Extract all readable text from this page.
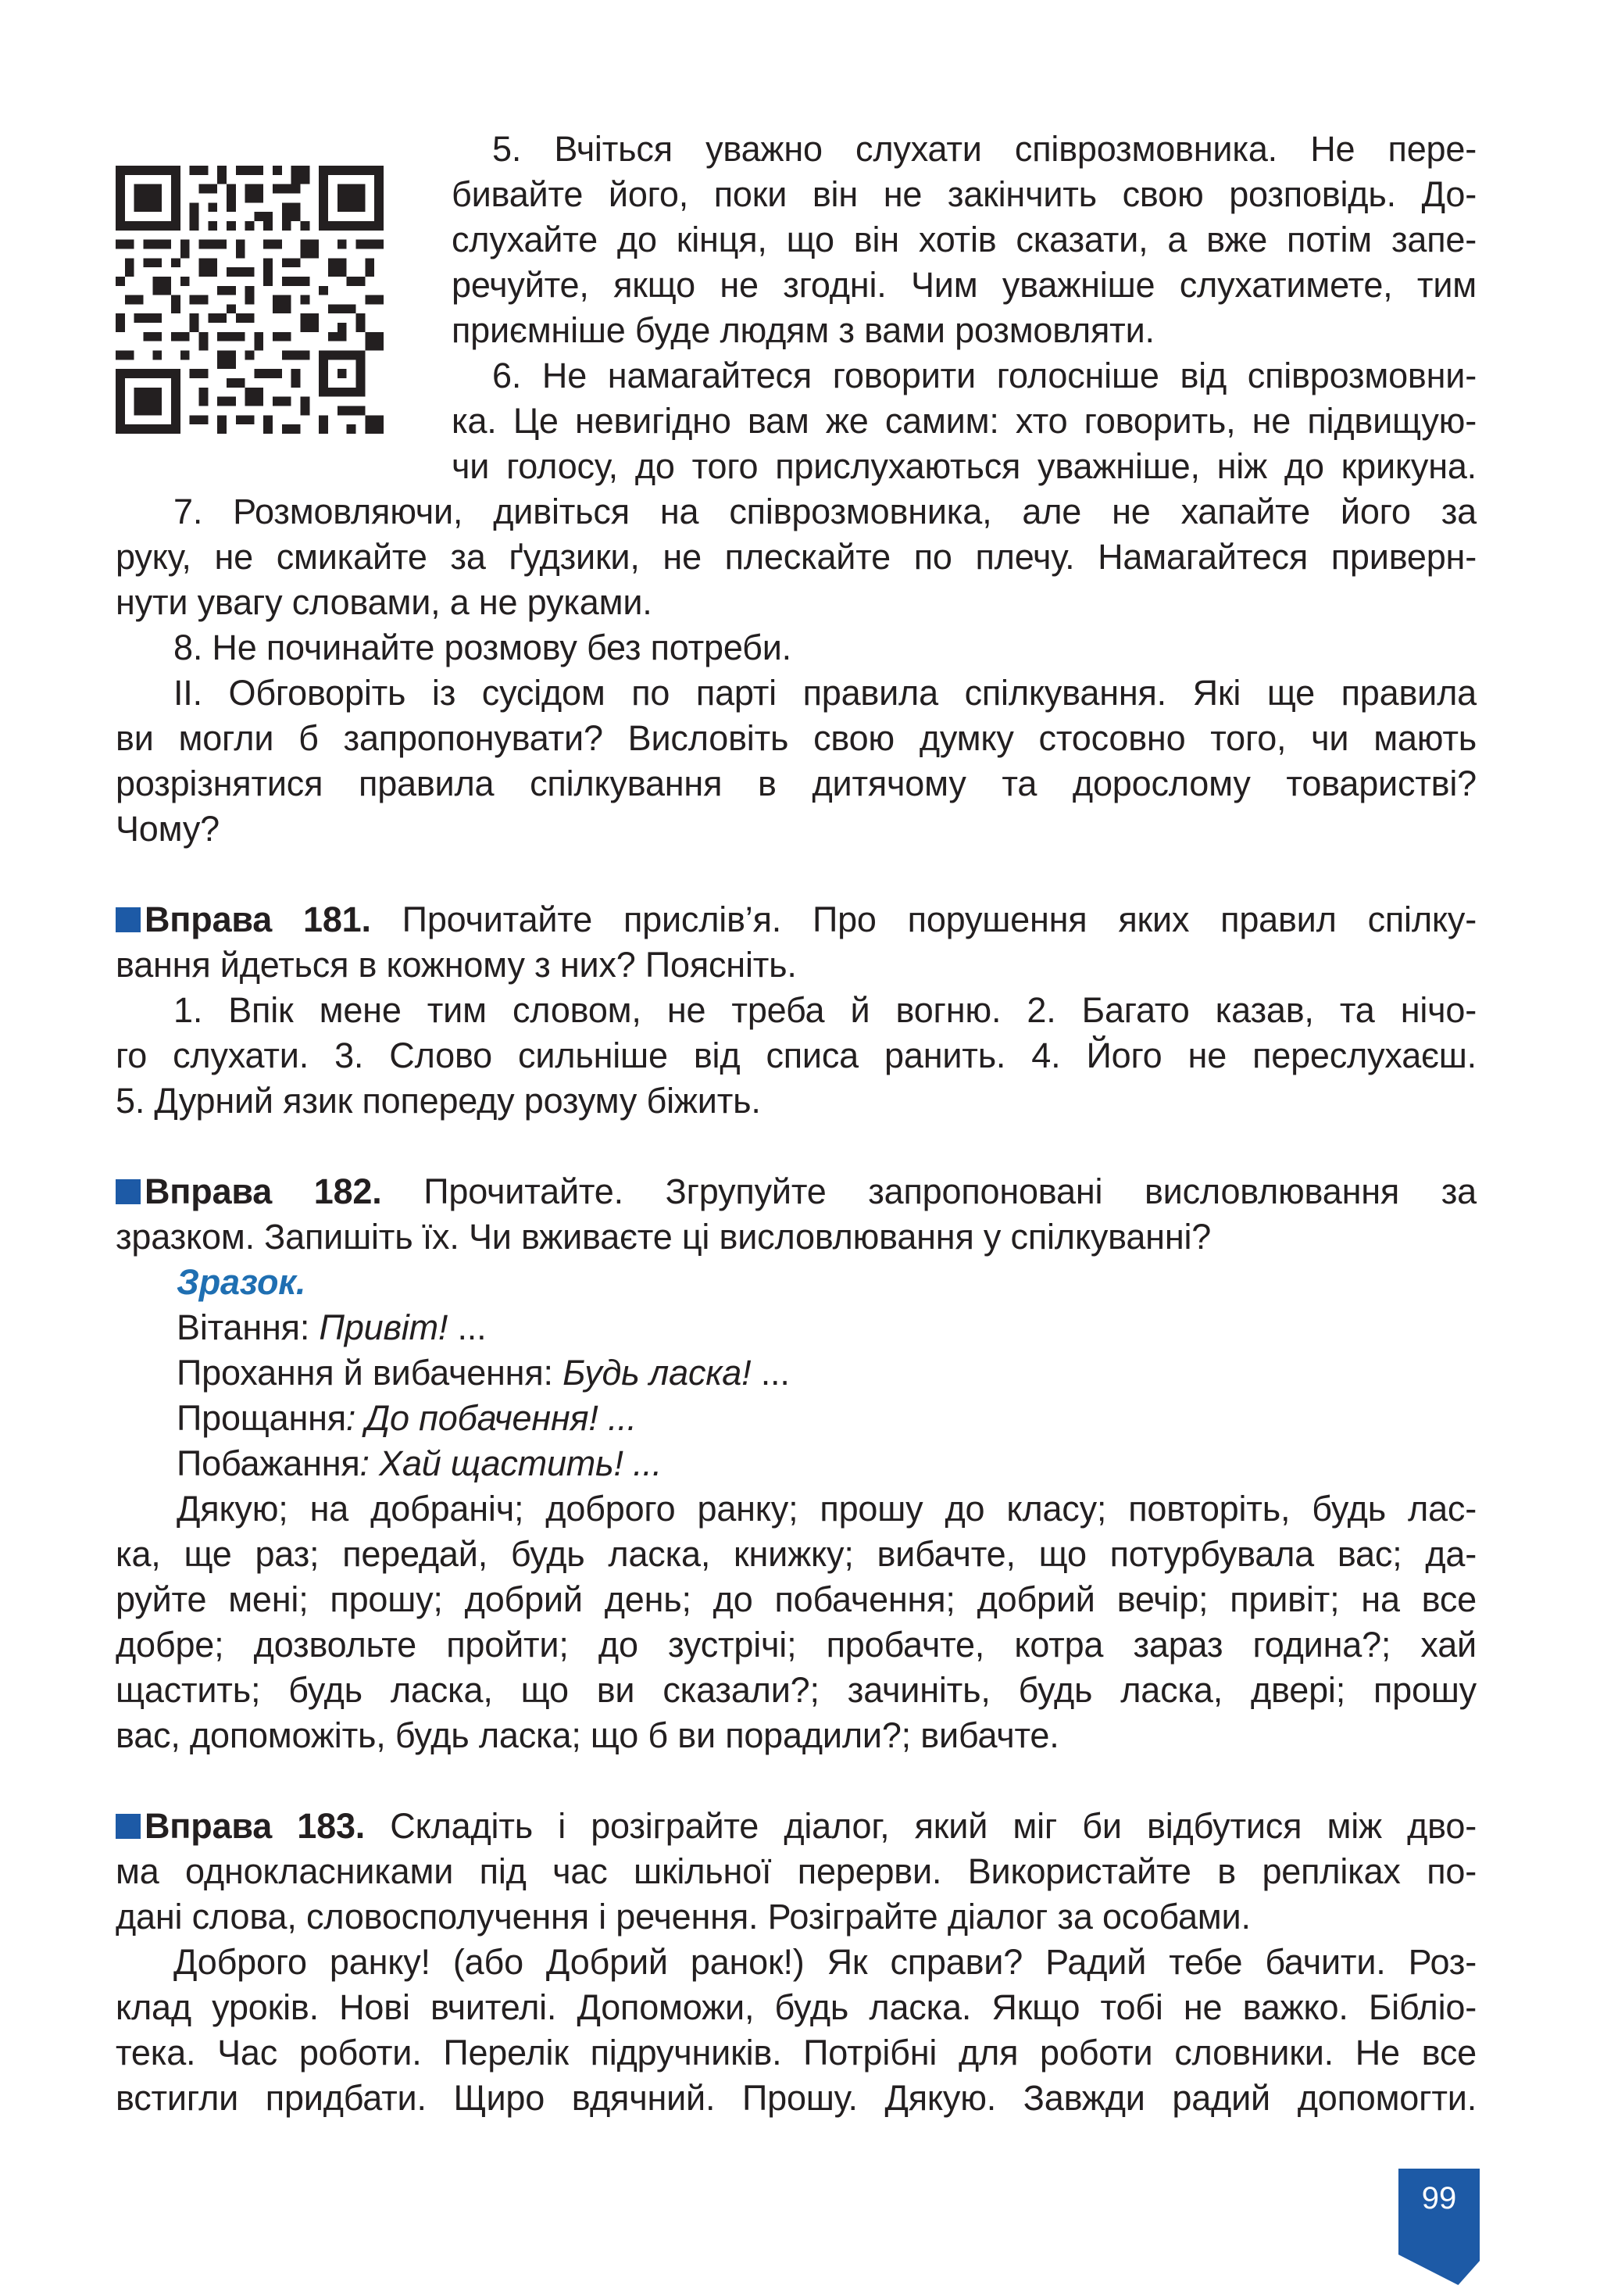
5. Вчіться уважно слухати співрозмовника. Не пере-
бивайте його, поки він не закінчить свою розповідь. До-
слухайте до кінця, що він хотів сказати, а вже потім запе-
речуйте, якщо не згодні. Чим уважніше слухатимете, тим
приємніше буде людям з вами розмовляти.
6. Не намагайтеся говорити голосніше від співрозмовни-
ка. Це невигідно вам же самим: хто говорить, не підвищую-
чи голосу, до того прислухаються уважніше, ніж до крикуна.
7. Розмовляючи, дивіться на співрозмовника, але не хапайте його за
руку, не смикайте за ґудзики, не плескайте по плечу. Намагайтеся приверн-
нути увагу словами, а не руками.
8. Не починайте розмову без потреби.
ІІ. Обговоріть із сусідом по парті правила спілкування. Які ще правила
ви могли б запропонувати? Висловіть свою думку стосовно того, чи мають
розрізнятися правила спілкування в дитячому та дорослому товаристві?
Чому?
Вправа 181. Прочитайте прислів’я. Про порушення яких правил спілку-
вання йдеться в кожному з них? Поясніть.
1. Впік мене тим словом, не треба й вогню. 2. Багато казав, та нічо-
го слухати. 3. Слово сильніше від списа ранить. 4. Його не переслухаєш.
5. Дурний язик попереду розуму біжить.
Вправа 182. Прочитайте. Згрупуйте запропоновані висловлювання за
зразком. Запишіть їх. Чи вживаєте ці висловлювання у спілкуванні?
Зразок.
Вітання: Привіт! ...
Прохання й вибачення: Будь ласка! ...
Прощання: До побачення! ...
Побажання: Хай щастить! ...
Дякую; на добраніч; доброго ранку; прошу до класу; повторіть, будь лас-
ка, ще раз; передай, будь ласка, книжку; вибачте, що потурбувала вас; да-
руйте мені; прошу; добрий день; до побачення; добрий вечір; привіт; на все
добре; дозвольте пройти; до зустрічі; пробачте, котра зараз година?; хай
щастить; будь ласка, що ви сказали?; зачиніть, будь ласка, двері; прошу
вас, допоможіть, будь ласка; що б ви порадили?; вибачте.
Вправа 183. Складіть і розіграйте діалог, який міг би відбутися між дво-
ма однокласниками під час шкільної перерви. Використайте в репліках по-
дані слова, словосполучення і речення. Розіграйте діалог за особами.
Доброго ранку! (або Добрий ранок!) Як справи? Радий тебе бачити. Роз-
клад уроків. Нові вчителі. Допоможи, будь ласка. Якщо тобі не важко. Бібліо-
тека. Час роботи. Перелік підручників. Потрібні для роботи словники. Не все
встигли придбати. Щиро вдячний. Прошу. Дякую. Завжди радий допомогти.
99
